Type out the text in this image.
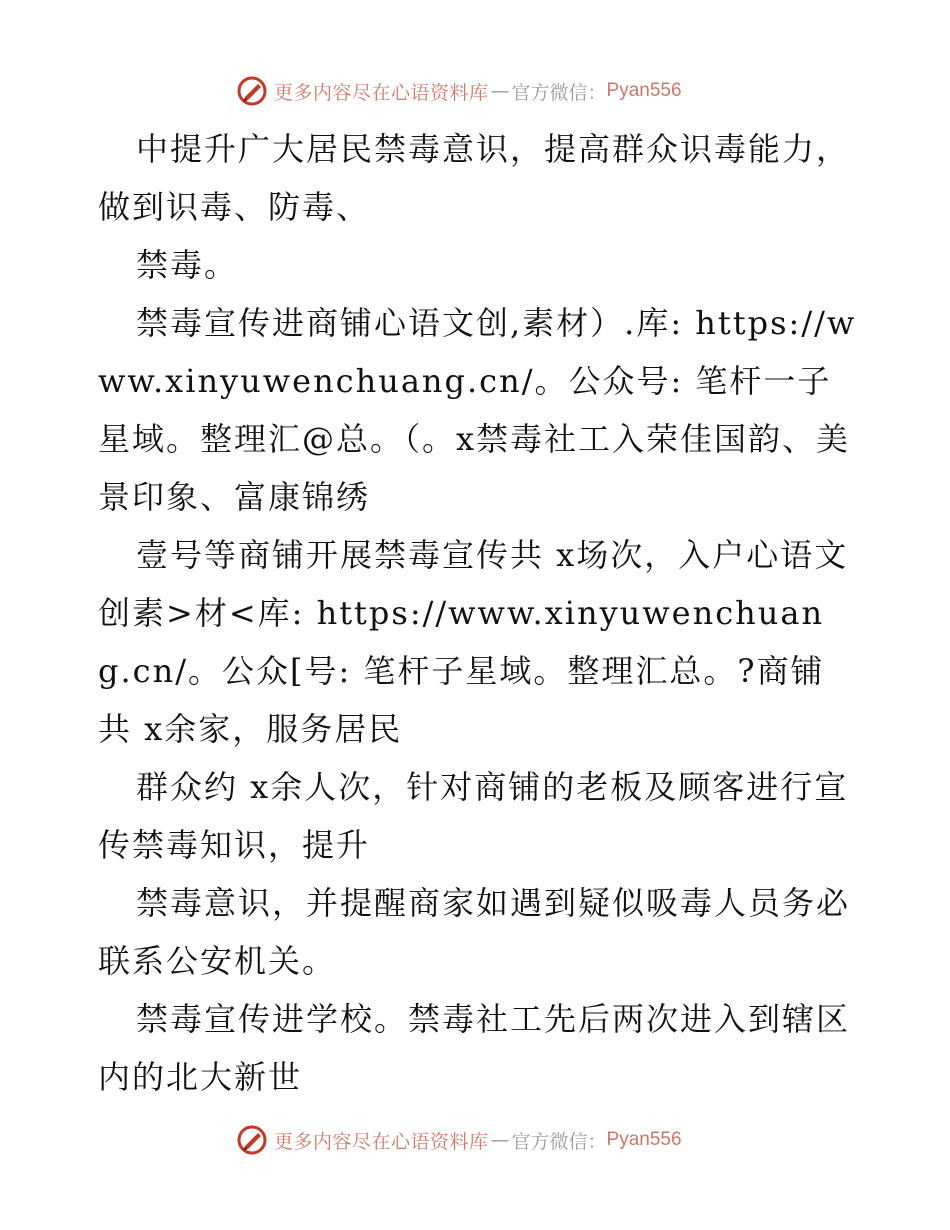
更多内容尽在心语资料库 — 官方微信： Pyan556

中提升广大居民禁毒意识，提高群众识毒能力，做到识毒、防毒、

禁毒。

禁毒宣传进商铺心语文创,素材）.库: https://www.xinyuwenchuang.cn/。公众号: 笔杆一子星域。整理汇@总。（。x禁毒社工入荣佳国韵、美景印象、富康锦绣

壹号等商铺开展禁毒宣传共 x场次，入户心语文创素>材<库: https://www.xinyuwenchuang.cn/。公众[号: 笔杆子星域。整理汇总。?商铺共 x余家，服务居民

群众约 x余人次，针对商铺的老板及顾客进行宣传禁毒知识，提升

禁毒意识，并提醒商家如遇到疑似吸毒人员务必联系公安机关。

禁毒宣传进学校。禁毒社工先后两次进入到辖区内的北大新世

更多内容尽在心语资料库 — 官方微信： Pyan556
